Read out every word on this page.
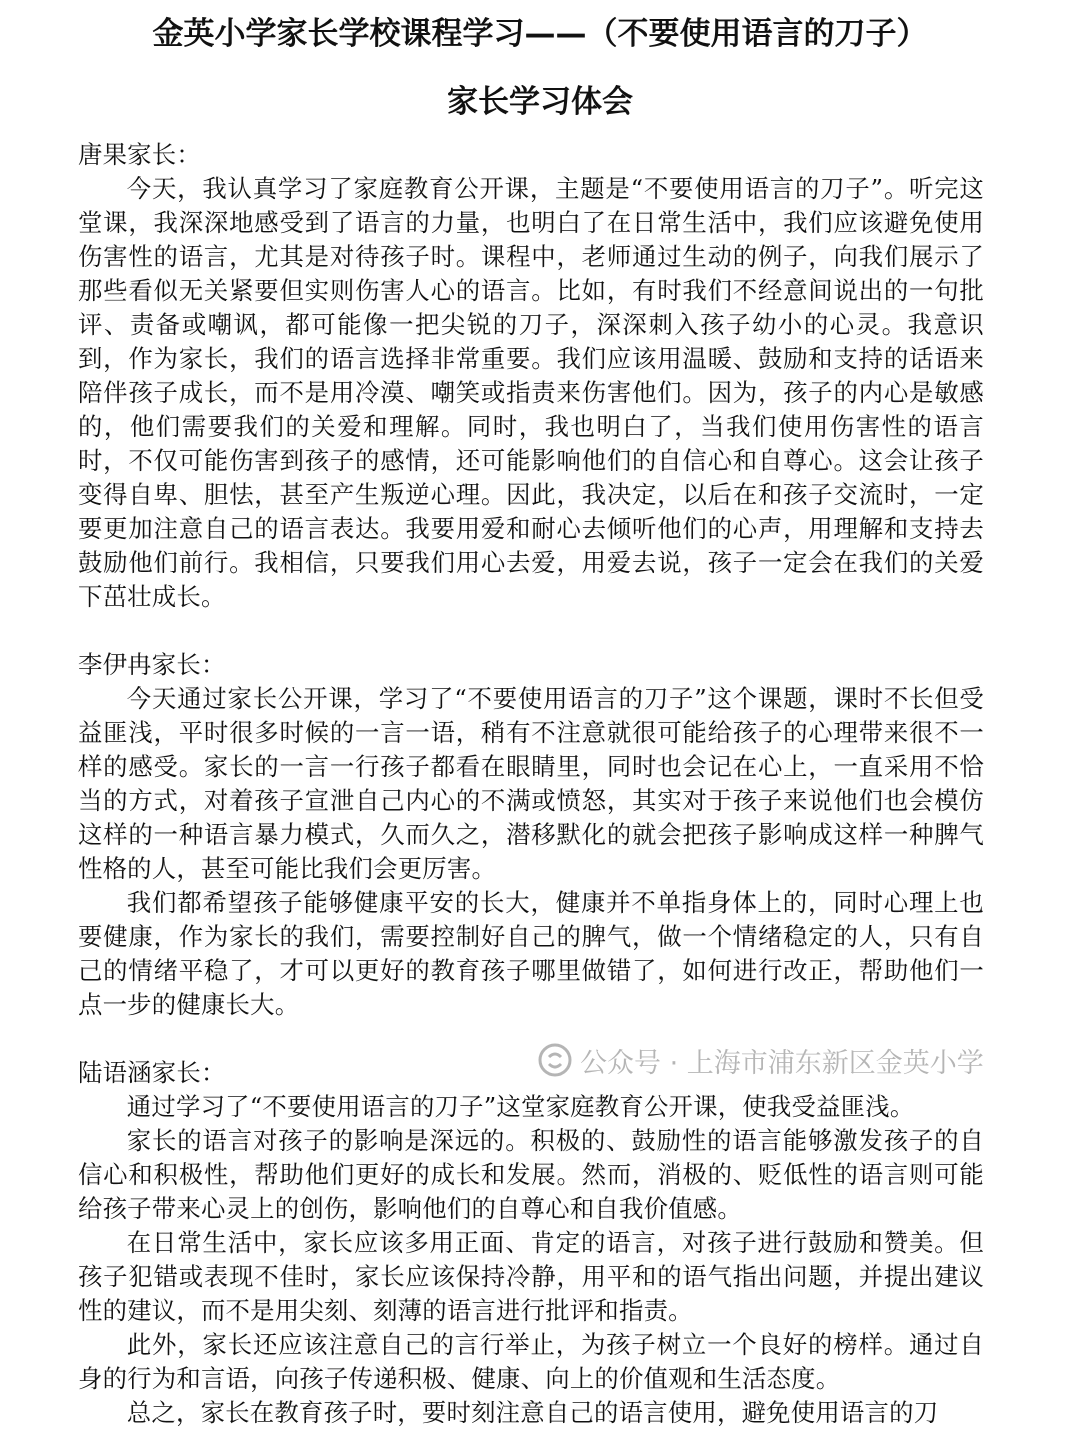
金英小学家长学校课程学习——（不要使用语言的刀子）
家长学习体会

唐果家长：

今天，我认真学习了家庭教育公开课，主题是“不要使用语言的刀子”。听完这堂课，我深深地感受到了语言的力量，也明白了在日常生活中，我们应该避免使用伤害性的语言，尤其是对待孩子时。课程中，老师通过生动的例子，向我们展示了那些看似无关紧要但实则伤害人心的语言。比如，有时我们不经意间说出的一句批评、责备或嘲讽，都可能像一把尖锐的刀子，深深刺入孩子幼小的心灵。我意识到，作为家长，我们的语言选择非常重要。我们应该用温暖、鼓励和支持的话语来陪伴孩子成长，而不是用冷漠、嘲笑或指责来伤害他们。因为，孩子的内心是敏感的，他们需要我们的关爱和理解。同时，我也明白了，当我们使用伤害性的语言时，不仅可能伤害到孩子的感情，还可能影响他们的自信心和自尊心。这会让孩子变得自卑、胆怯，甚至产生叛逆心理。因此，我决定，以后在和孩子交流时，一定要更加注意自己的语言表达。我要用爱和耐心去倾听他们的心声，用理解和支持去鼓励他们前行。我相信，只要我们用心去爱，用爱去说，孩子一定会在我们的关爱下茁壮成长。

李伊冉家长：

今天通过家长公开课，学习了“不要使用语言的刀子”这个课题，课时不长但受益匪浅，平时很多时候的一言一语，稍有不注意就很可能给孩子的心理带来很不一样的感受。家长的一言一行孩子都看在眼睛里，同时也会记在心上，一直采用不恰当的方式，对着孩子宣泄自己内心的不满或愤怒，其实对于孩子来说他们也会模仿这样的一种语言暴力模式，久而久之，潜移默化的就会把孩子影响成这样一种脾气性格的人，甚至可能比我们会更厉害。

我们都希望孩子能够健康平安的长大，健康并不单指身体上的，同时心理上也要健康，作为家长的我们，需要控制好自己的脾气，做一个情绪稳定的人，只有自己的情绪平稳了，才可以更好的教育孩子哪里做错了，如何进行改正，帮助他们一点一步的健康长大。

陆语涵家长：

通过学习了“不要使用语言的刀子”这堂家庭教育公开课，使我受益匪浅。

家长的语言对孩子的影响是深远的。积极的、鼓励性的语言能够激发孩子的自信心和积极性，帮助他们更好的成长和发展。然而，消极的、贬低性的语言则可能给孩子带来心灵上的创伤，影响他们的自尊心和自我价值感。

在日常生活中，家长应该多用正面、肯定的语言，对孩子进行鼓励和赞美。但孩子犯错或表现不佳时，家长应该保持冷静，用平和的语气指出问题，并提出建议性的建议，而不是用尖刻、刻薄的语言进行批评和指责。

此外，家长还应该注意自己的言行举止，为孩子树立一个良好的榜样。通过自身的行为和言语，向孩子传递积极、健康、向上的价值观和生活态度。

总之，家长在教育孩子时，要时刻注意自己的语言使用，避免使用语言的刀

公众号 · 上海市浦东新区金英小学
